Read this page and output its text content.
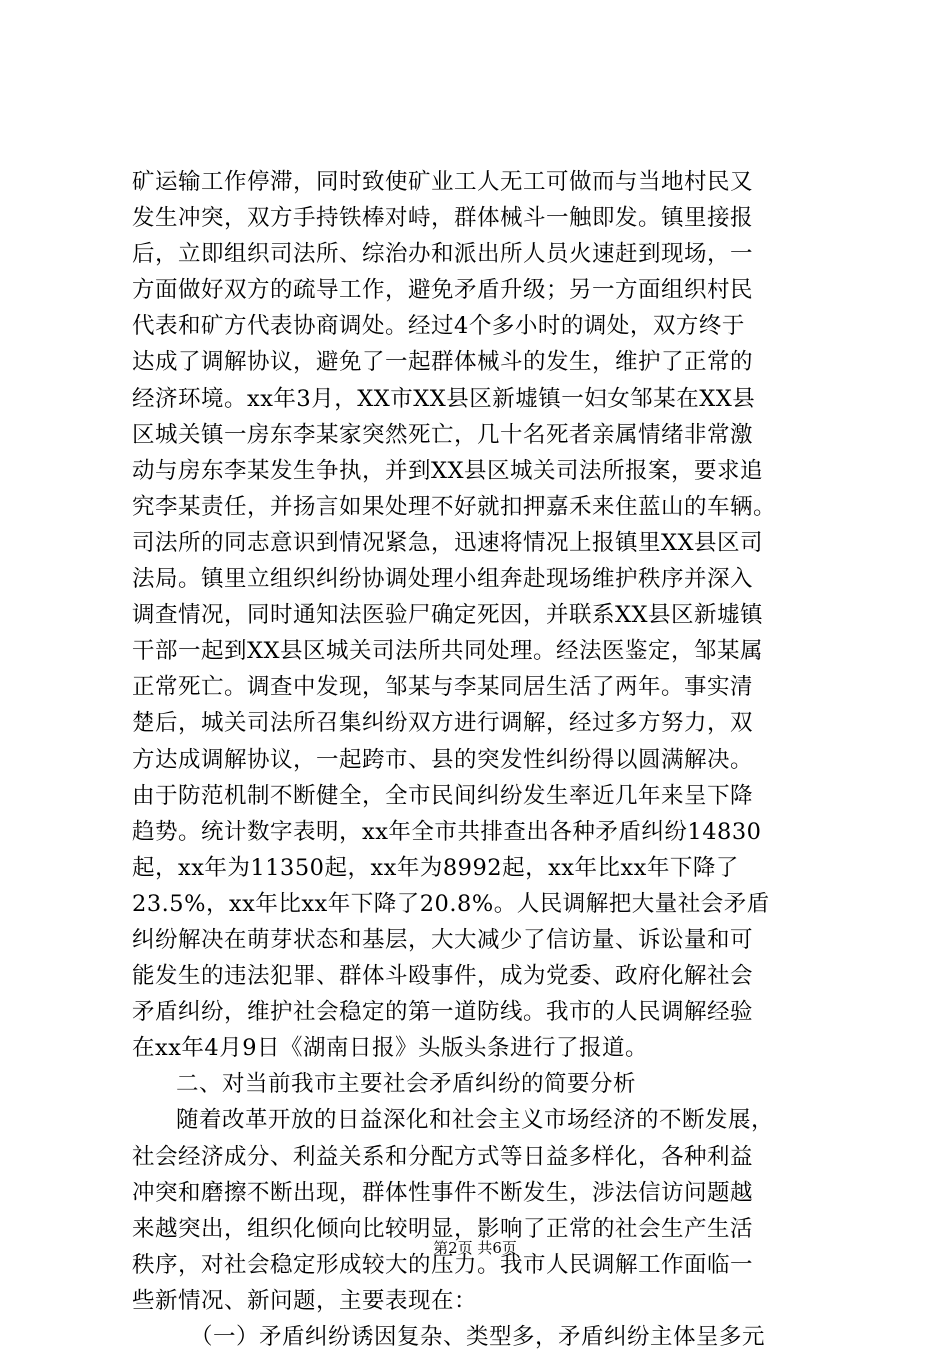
矿运输工作停滞，同时致使矿业工人无工可做而与当地村民又
发生冲突，双方手持铁棒对峙，群体械斗一触即发。镇里接报
后，立即组织司法所、综治办和派出所人员火速赶到现场，一
方面做好双方的疏导工作，避免矛盾升级；另一方面组织村民
代表和矿方代表协商调处。经过4个多小时的调处，双方终于
达成了调解协议，避免了一起群体械斗的发生，维护了正常的
经济环境。xx年3月，XX市XX县区新墟镇一妇女邹某在XX县
区城关镇一房东李某家突然死亡，几十名死者亲属情绪非常激
动与房东李某发生争执，并到XX县区城关司法所报案，要求追
究李某责任，并扬言如果处理不好就扣押嘉禾来住蓝山的车辆。
司法所的同志意识到情况紧急，迅速将情况上报镇里XX县区司
法局。镇里立组织纠纷协调处理小组奔赴现场维护秩序并深入
调查情况，同时通知法医验尸确定死因，并联系XX县区新墟镇
干部一起到XX县区城关司法所共同处理。经法医鉴定，邹某属
正常死亡。调查中发现，邹某与李某同居生活了两年。事实清
楚后，城关司法所召集纠纷双方进行调解，经过多方努力，双
方达成调解协议，一起跨市、县的突发性纠纷得以圆满解决。
由于防范机制不断健全，全市民间纠纷发生率近几年来呈下降
趋势。统计数字表明，xx年全市共排查出各种矛盾纠纷14830
起，xx年为11350起，xx年为8992起，xx年比xx年下降了
23.5%，xx年比xx年下降了20.8%。人民调解把大量社会矛盾
纠纷解决在萌芽状态和基层，大大减少了信访量、诉讼量和可
能发生的违法犯罪、群体斗殴事件，成为党委、政府化解社会
矛盾纠纷，维护社会稳定的第一道防线。我市的人民调解经验
在xx年4月9日《湖南日报》头版头条进行了报道。
二、对当前我市主要社会矛盾纠纷的简要分析
随着改革开放的日益深化和社会主义市场经济的不断发展，
社会经济成分、利益关系和分配方式等日益多样化，各种利益
冲突和磨擦不断出现，群体性事件不断发生，涉法信访问题越
来越突出，组织化倾向比较明显，影响了正常的社会生产生活
秩序，对社会稳定形成较大的压力。我市人民调解工作面临一
些新情况、新问题，主要表现在：
（一）矛盾纠纷诱因复杂、类型多，矛盾纠纷主体呈多元
第2页 共6页
